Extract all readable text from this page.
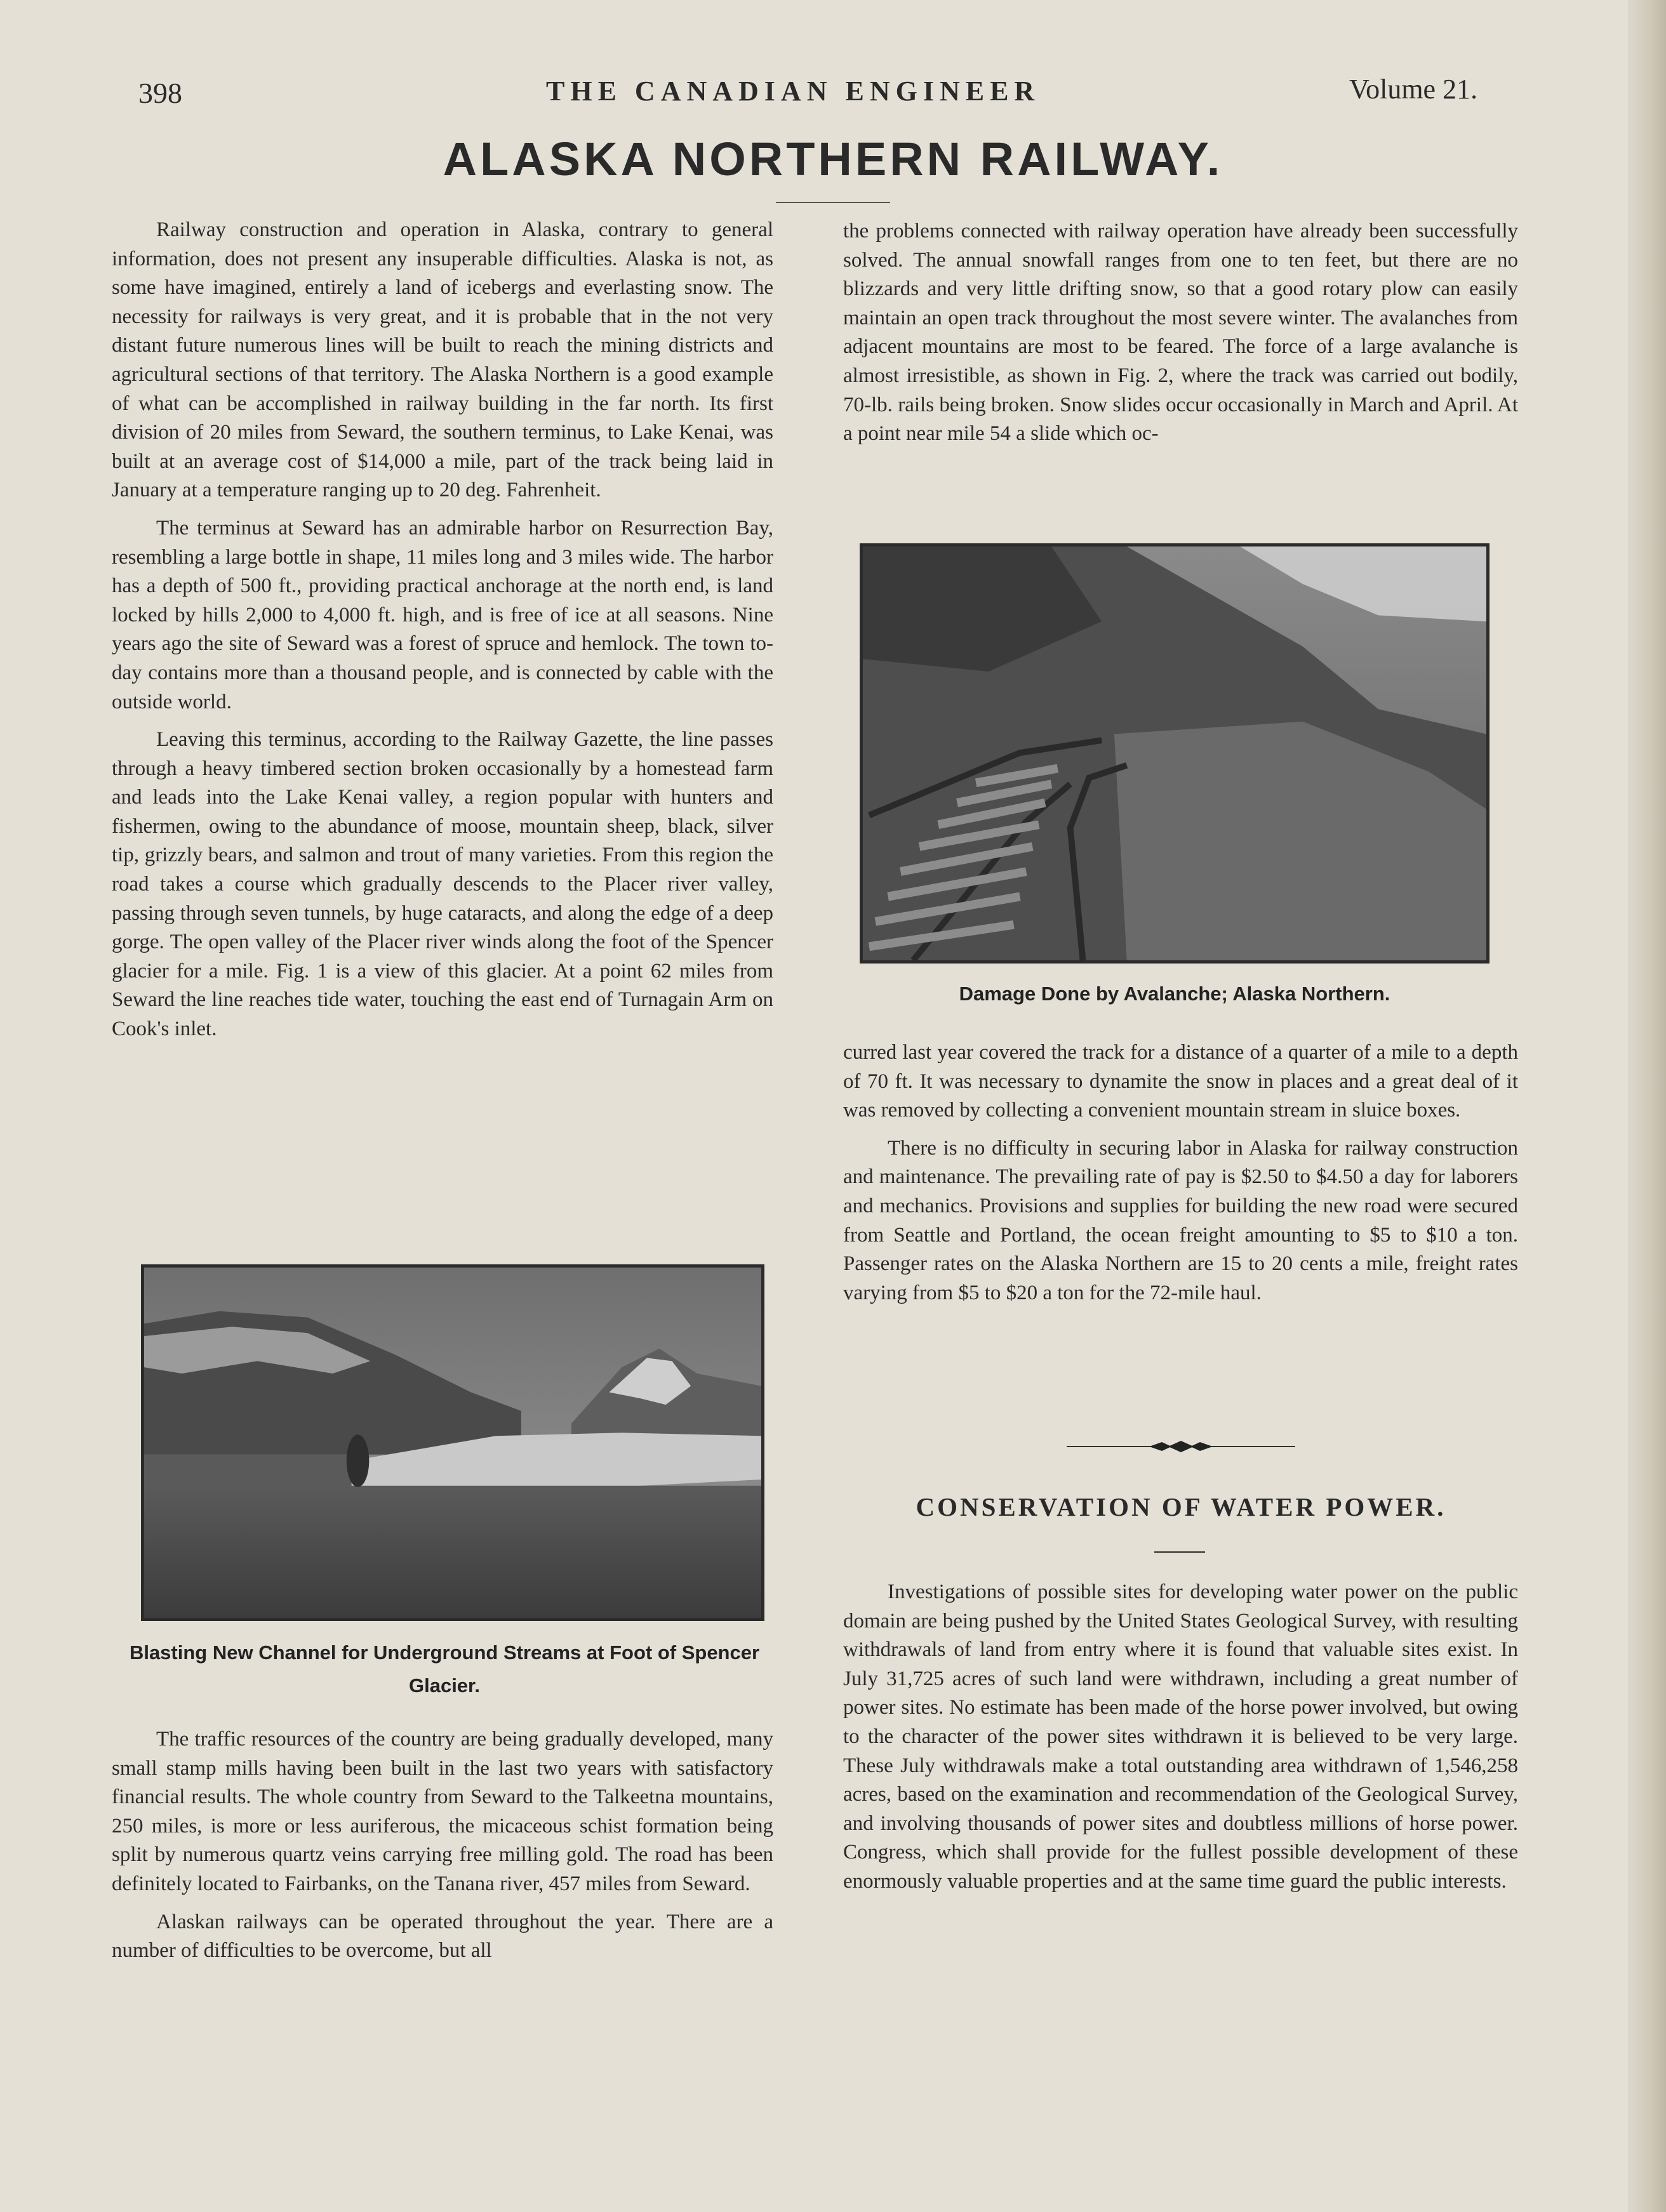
398	THE CANADIAN ENGINEER	Volume 21.
ALASKA NORTHERN RAILWAY.

Railway construction and operation in Alaska, contrary to general information, does not present any insuperable difficulties. Alaska is not, as some have imagined, entirely a land of icebergs and everlasting snow. The necessity for railways is very great, and it is probable that in the not very distant future numerous lines will be built to reach the mining districts and agricultural sections of that territory. The Alaska Northern is a good example of what can be accomplished in railway building in the far north. Its first division of 20 miles from Seward, the southern terminus, to Lake Kenai, was built at an average cost of $14,000 a mile, part of the track being laid in January at a temperature ranging up to 20 deg. Fahrenheit.

The terminus at Seward has an admirable harbor on Resurrection Bay, resembling a large bottle in shape, 11 miles long and 3 miles wide. The harbor has a depth of 500 ft., providing practical anchorage at the north end, is land locked by hills 2,000 to 4,000 ft. high, and is free of ice at all seasons. Nine years ago the site of Seward was a forest of spruce and hemlock. The town to-day contains more than a thousand people, and is connected by cable with the outside world.

Leaving this terminus, according to the Railway Gazette, the line passes through a heavy timbered section broken occasionally by a homestead farm and leads into the Lake Kenai valley, a region popular with hunters and fishermen, owing to the abundance of moose, mountain sheep, black, silver tip, grizzly bears, and salmon and trout of many varieties. From this region the road takes a course which gradually descends to the Placer river valley, passing through seven tunnels, by huge cataracts, and along the edge of a deep gorge. The open valley of the Placer river winds along the foot of the Spencer glacier for a mile. Fig. 1 is a view of this glacier. At a point 62 miles from Seward the line reaches tide water, touching the east end of Turnagain Arm on Cook's inlet.

Blasting New Channel for Underground Streams at Foot of Spencer Glacier.

The traffic resources of the country are being gradually developed, many small stamp mills having been built in the last two years with satisfactory financial results. The whole country from Seward to the Talkeetna mountains, 250 miles, is more or less auriferous, the micaceous schist formation being split by numerous quartz veins carrying free milling gold. The road has been definitely located to Fairbanks, on the Tanana river, 457 miles from Seward.

Alaskan railways can be operated throughout the year. There are a number of difficulties to be overcome, but all

the problems connected with railway operation have already been successfully solved. The annual snowfall ranges from one to ten feet, but there are no blizzards and very little drifting snow, so that a good rotary plow can easily maintain an open track throughout the most severe winter. The avalanches from adjacent mountains are most to be feared. The force of a large avalanche is almost irresistible, as shown in Fig. 2, where the track was carried out bodily, 70-lb. rails being broken. Snow slides occur occasionally in March and April. At a point near mile 54 a slide which oc-

Damage Done by Avalanche; Alaska Northern.

curred last year covered the track for a distance of a quarter of a mile to a depth of 70 ft. It was necessary to dynamite the snow in places and a great deal of it was removed by collecting a convenient mountain stream in sluice boxes.

There is no difficulty in securing labor in Alaska for railway construction and maintenance. The prevailing rate of pay is $2.50 to $4.50 a day for laborers and mechanics. Provisions and supplies for building the new road were secured from Seattle and Portland, the ocean freight amounting to $5 to $10 a ton. Passenger rates on the Alaska Northern are 15 to 20 cents a mile, freight rates varying from $5 to $20 a ton for the 72-mile haul.

CONSERVATION OF WATER POWER.

Investigations of possible sites for developing water power on the public domain are being pushed by the United States Geological Survey, with resulting withdrawals of land from entry where it is found that valuable sites exist. In July 31,725 acres of such land were withdrawn, including a great number of power sites. No estimate has been made of the horse power involved, but owing to the character of the power sites withdrawn it is believed to be very large. These July withdrawals make a total outstanding area withdrawn of 1,546,258 acres, based on the examination and recommendation of the Geological Survey, and involving thousands of power sites and doubtless millions of horse power. Congress, which shall provide for the fullest possible development of these enormously valuable properties and at the same time guard the public interests.
